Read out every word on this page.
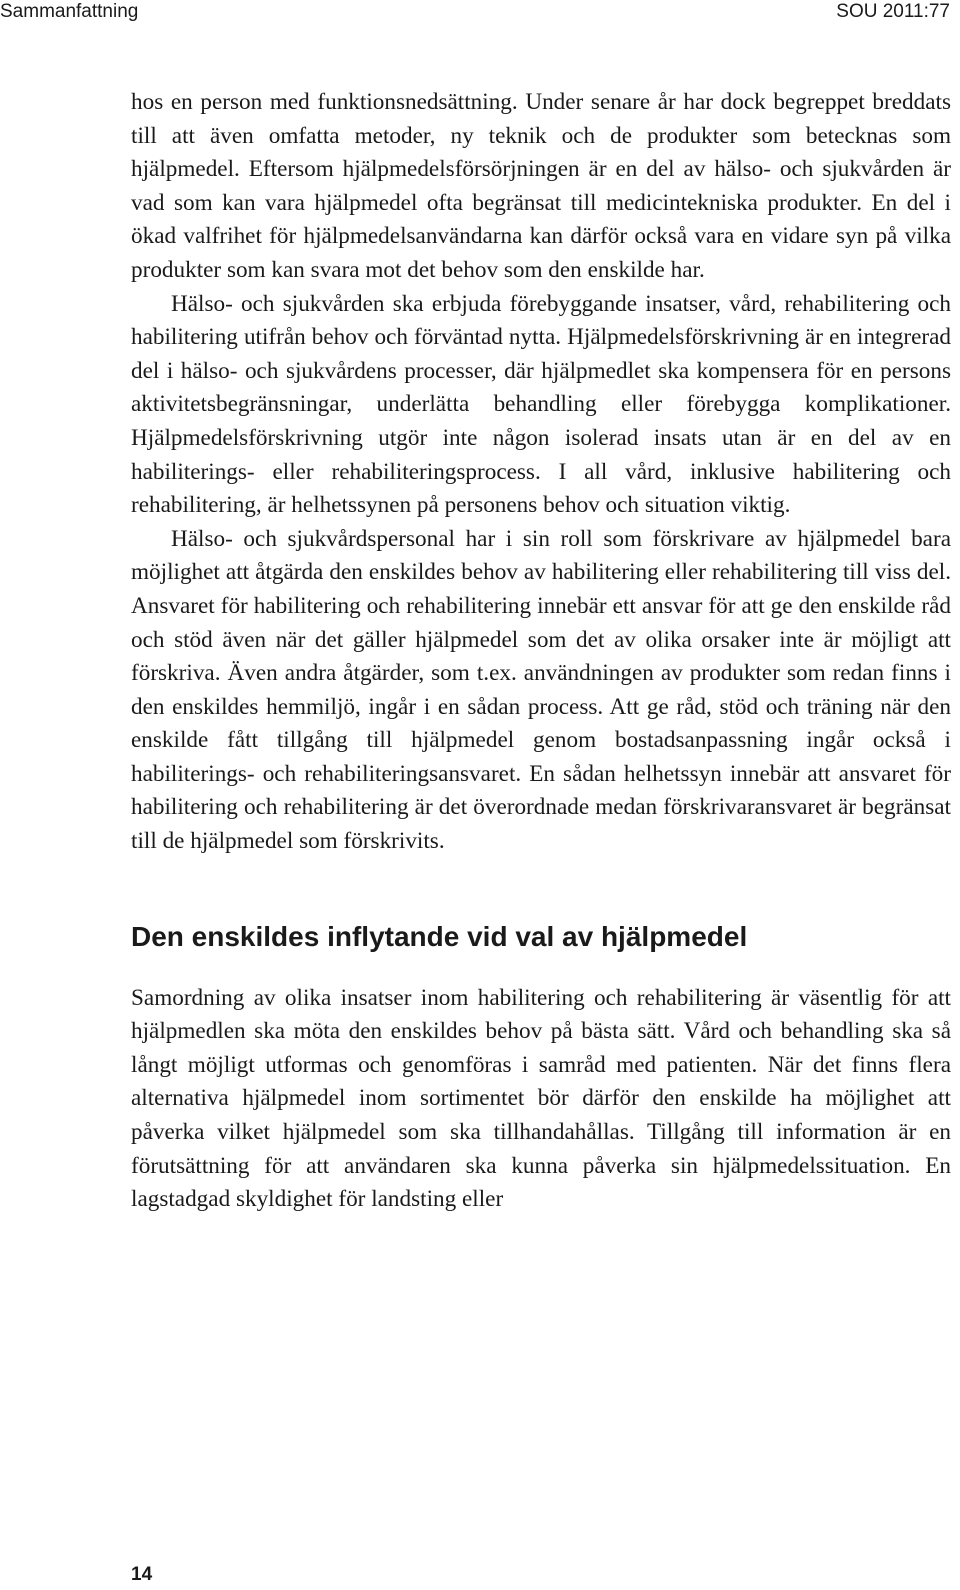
Sammanfattning	SOU 2011:77

hos en person med funktionsnedsättning. Under senare år har dock begreppet breddats till att även omfatta metoder, ny teknik och de produkter som betecknas som hjälpmedel. Eftersom hjälpmedelsförsörjningen är en del av hälso- och sjukvården är vad som kan vara hjälpmedel ofta begränsat till medicintekniska produkter. En del i ökad valfrihet för hjälpmedelsanvändarna kan därför också vara en vidare syn på vilka produkter som kan svara mot det behov som den enskilde har.

Hälso- och sjukvården ska erbjuda förebyggande insatser, vård, rehabilitering och habilitering utifrån behov och förväntad nytta. Hjälpmedelsförskrivning är en integrerad del i hälso- och sjukvårdens processer, där hjälpmedlet ska kompensera för en persons aktivitetsbegränsningar, underlätta behandling eller förebygga komplikationer. Hjälpmedelsförskrivning utgör inte någon isolerad insats utan är en del av en habiliterings- eller rehabiliteringsprocess. I all vård, inklusive habilitering och rehabilitering, är helhetssynen på personens behov och situation viktig.

Hälso- och sjukvårdspersonal har i sin roll som förskrivare av hjälpmedel bara möjlighet att åtgärda den enskildes behov av habilitering eller rehabilitering till viss del. Ansvaret för habilitering och rehabilitering innebär ett ansvar för att ge den enskilde råd och stöd även när det gäller hjälpmedel som det av olika orsaker inte är möjligt att förskriva. Även andra åtgärder, som t.ex. användningen av produkter som redan finns i den enskildes hemmiljö, ingår i en sådan process. Att ge råd, stöd och träning när den enskilde fått tillgång till hjälpmedel genom bostadsanpassning ingår också i habiliterings- och rehabiliteringsansvaret. En sådan helhetssyn innebär att ansvaret för habilitering och rehabilitering är det överordnade medan förskrivaransvaret är begränsat till de hjälpmedel som förskrivits.

Den enskildes inflytande vid val av hjälpmedel

Samordning av olika insatser inom habilitering och rehabilitering är väsentlig för att hjälpmedlen ska möta den enskildes behov på bästa sätt. Vård och behandling ska så långt möjligt utformas och genomföras i samråd med patienten. När det finns flera alternativa hjälpmedel inom sortimentet bör därför den enskilde ha möjlighet att påverka vilket hjälpmedel som ska tillhandahållas. Tillgång till information är en förutsättning för att användaren ska kunna påverka sin hjälpmedelssituation. En lagstadgad skyldighet för landsting eller

14
